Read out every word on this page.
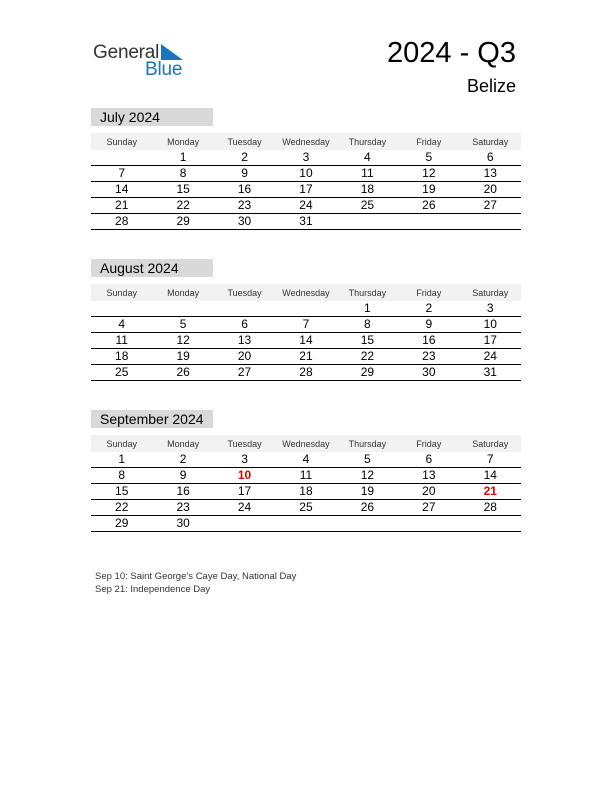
General
Blue
2024 - Q3
Belize
July 2024
Sunday	Monday	Tuesday	Wednesday	Thursday	Friday	Saturday
	1	2	3	4	5	6
7	8	9	10	11	12	13
14	15	16	17	18	19	20
21	22	23	24	25	26	27
28	29	30	31			
August 2024
Sunday	Monday	Tuesday	Wednesday	Thursday	Friday	Saturday
				1	2	3
4	5	6	7	8	9	10
11	12	13	14	15	16	17
18	19	20	21	22	23	24
25	26	27	28	29	30	31
September 2024
Sunday	Monday	Tuesday	Wednesday	Thursday	Friday	Saturday
1	2	3	4	5	6	7
8	9	10	11	12	13	14
15	16	17	18	19	20	21
22	23	24	25	26	27	28
29	30					
Sep 10: Saint George’s Caye Day, National Day
Sep 21: Independence Day
